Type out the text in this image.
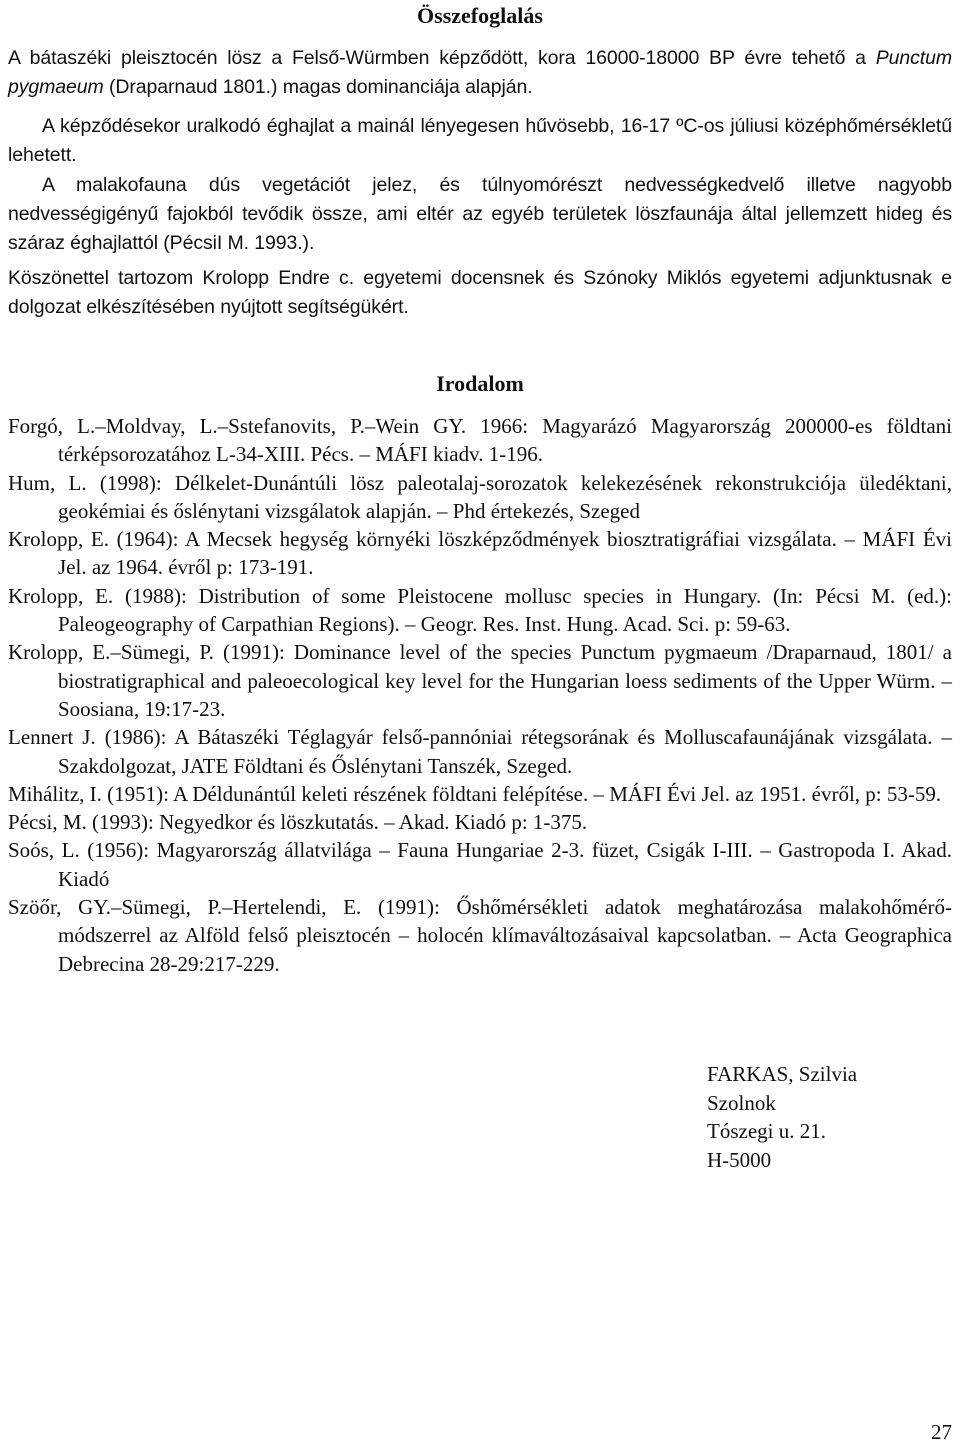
Összefoglalás
A bátaszéki pleisztocén lösz a Felső-Würmben képződött, kora 16000-18000 BP évre tehető a Punctum pygmaeum (Draparnaud 1801.) magas dominanciája alapján.
A képződésekor uralkodó éghajlat a mainál lényegesen hűvösebb, 16-17 ºC-os júliusi középhőmérsékletű lehetett.
A malakofauna dús vegetációt jelez, és túlnyomórészt nedvességkedvelő illetve nagyobb nedvességigényű fajokból tevődik össze, ami eltér az egyéb területek löszfaunája által jellemzett hideg és száraz éghajlattól (PécsiI M. 1993.).
Köszönettel tartozom Krolopp Endre c. egyetemi docensnek és Szónoky Miklós egyetemi adjunktusnak e dolgozat elkészítésében nyújtott segítségükért.
Irodalom

Forgó, L.–Moldvay, L.–Sstefanovits, P.–Wein GY. 1966: Magyarázó Magyarország 200000-es földtani térképsorozatához L-34-XIII. Pécs. – MÁFI kiadv. 1-196.

Hum, L. (1998): Délkelet-Dunántúli lösz paleotalaj-sorozatok kelekezésének rekonstrukciója üledéktani, geokémiai és őslénytani vizsgálatok alapján. – Phd értekezés, Szeged

Krolopp, E. (1964): A Mecsek hegység környéki löszképződmények biosztratigráfiai vizsgálata. – MÁFI Évi Jel. az 1964. évről p: 173-191.

Krolopp, E. (1988): Distribution of some Pleistocene mollusc species in Hungary. (In: Pécsi M. (ed.): Paleogeography of Carpathian Regions). – Geogr. Res. Inst. Hung. Acad. Sci. p: 59-63.

Krolopp, E.–Sümegi, P. (1991): Dominance level of the species Punctum pygmaeum /Draparnaud, 1801/ a biostratigraphical and paleoecological key level for the Hungarian loess sediments of the Upper Würm. – Soosiana, 19:17-23.

Lennert J. (1986): A Bátaszéki Téglagyár felső-pannóniai rétegsorának és Molluscafaunájának vizsgálata. – Szakdolgozat, JATE Földtani és Őslénytani Tanszék, Szeged.

Mihálitz, I. (1951): A Déldunántúl keleti részének földtani felépítése. – MÁFI Évi Jel. az 1951. évről, p: 53-59.

Pécsi, M. (1993): Negyedkor és löszkutatás. – Akad. Kiadó p: 1-375.

Soós, L. (1956): Magyarország állatvilága – Fauna Hungariae 2-3. füzet, Csigák I-III. – Gastropoda I. Akad. Kiadó

Szöőr, GY.–Sümegi, P.–Hertelendi, E. (1991): Őshőmérsékleti adatok meghatározása malakohőmérő-módszerrel az Alföld felső pleisztocén – holocén klímaváltozásaival kapcsolatban. – Acta Geographica Debrecina 28-29:217-229.

FARKAS, Szilvia
Szolnok
Tószegi u. 21.
H-5000
27
